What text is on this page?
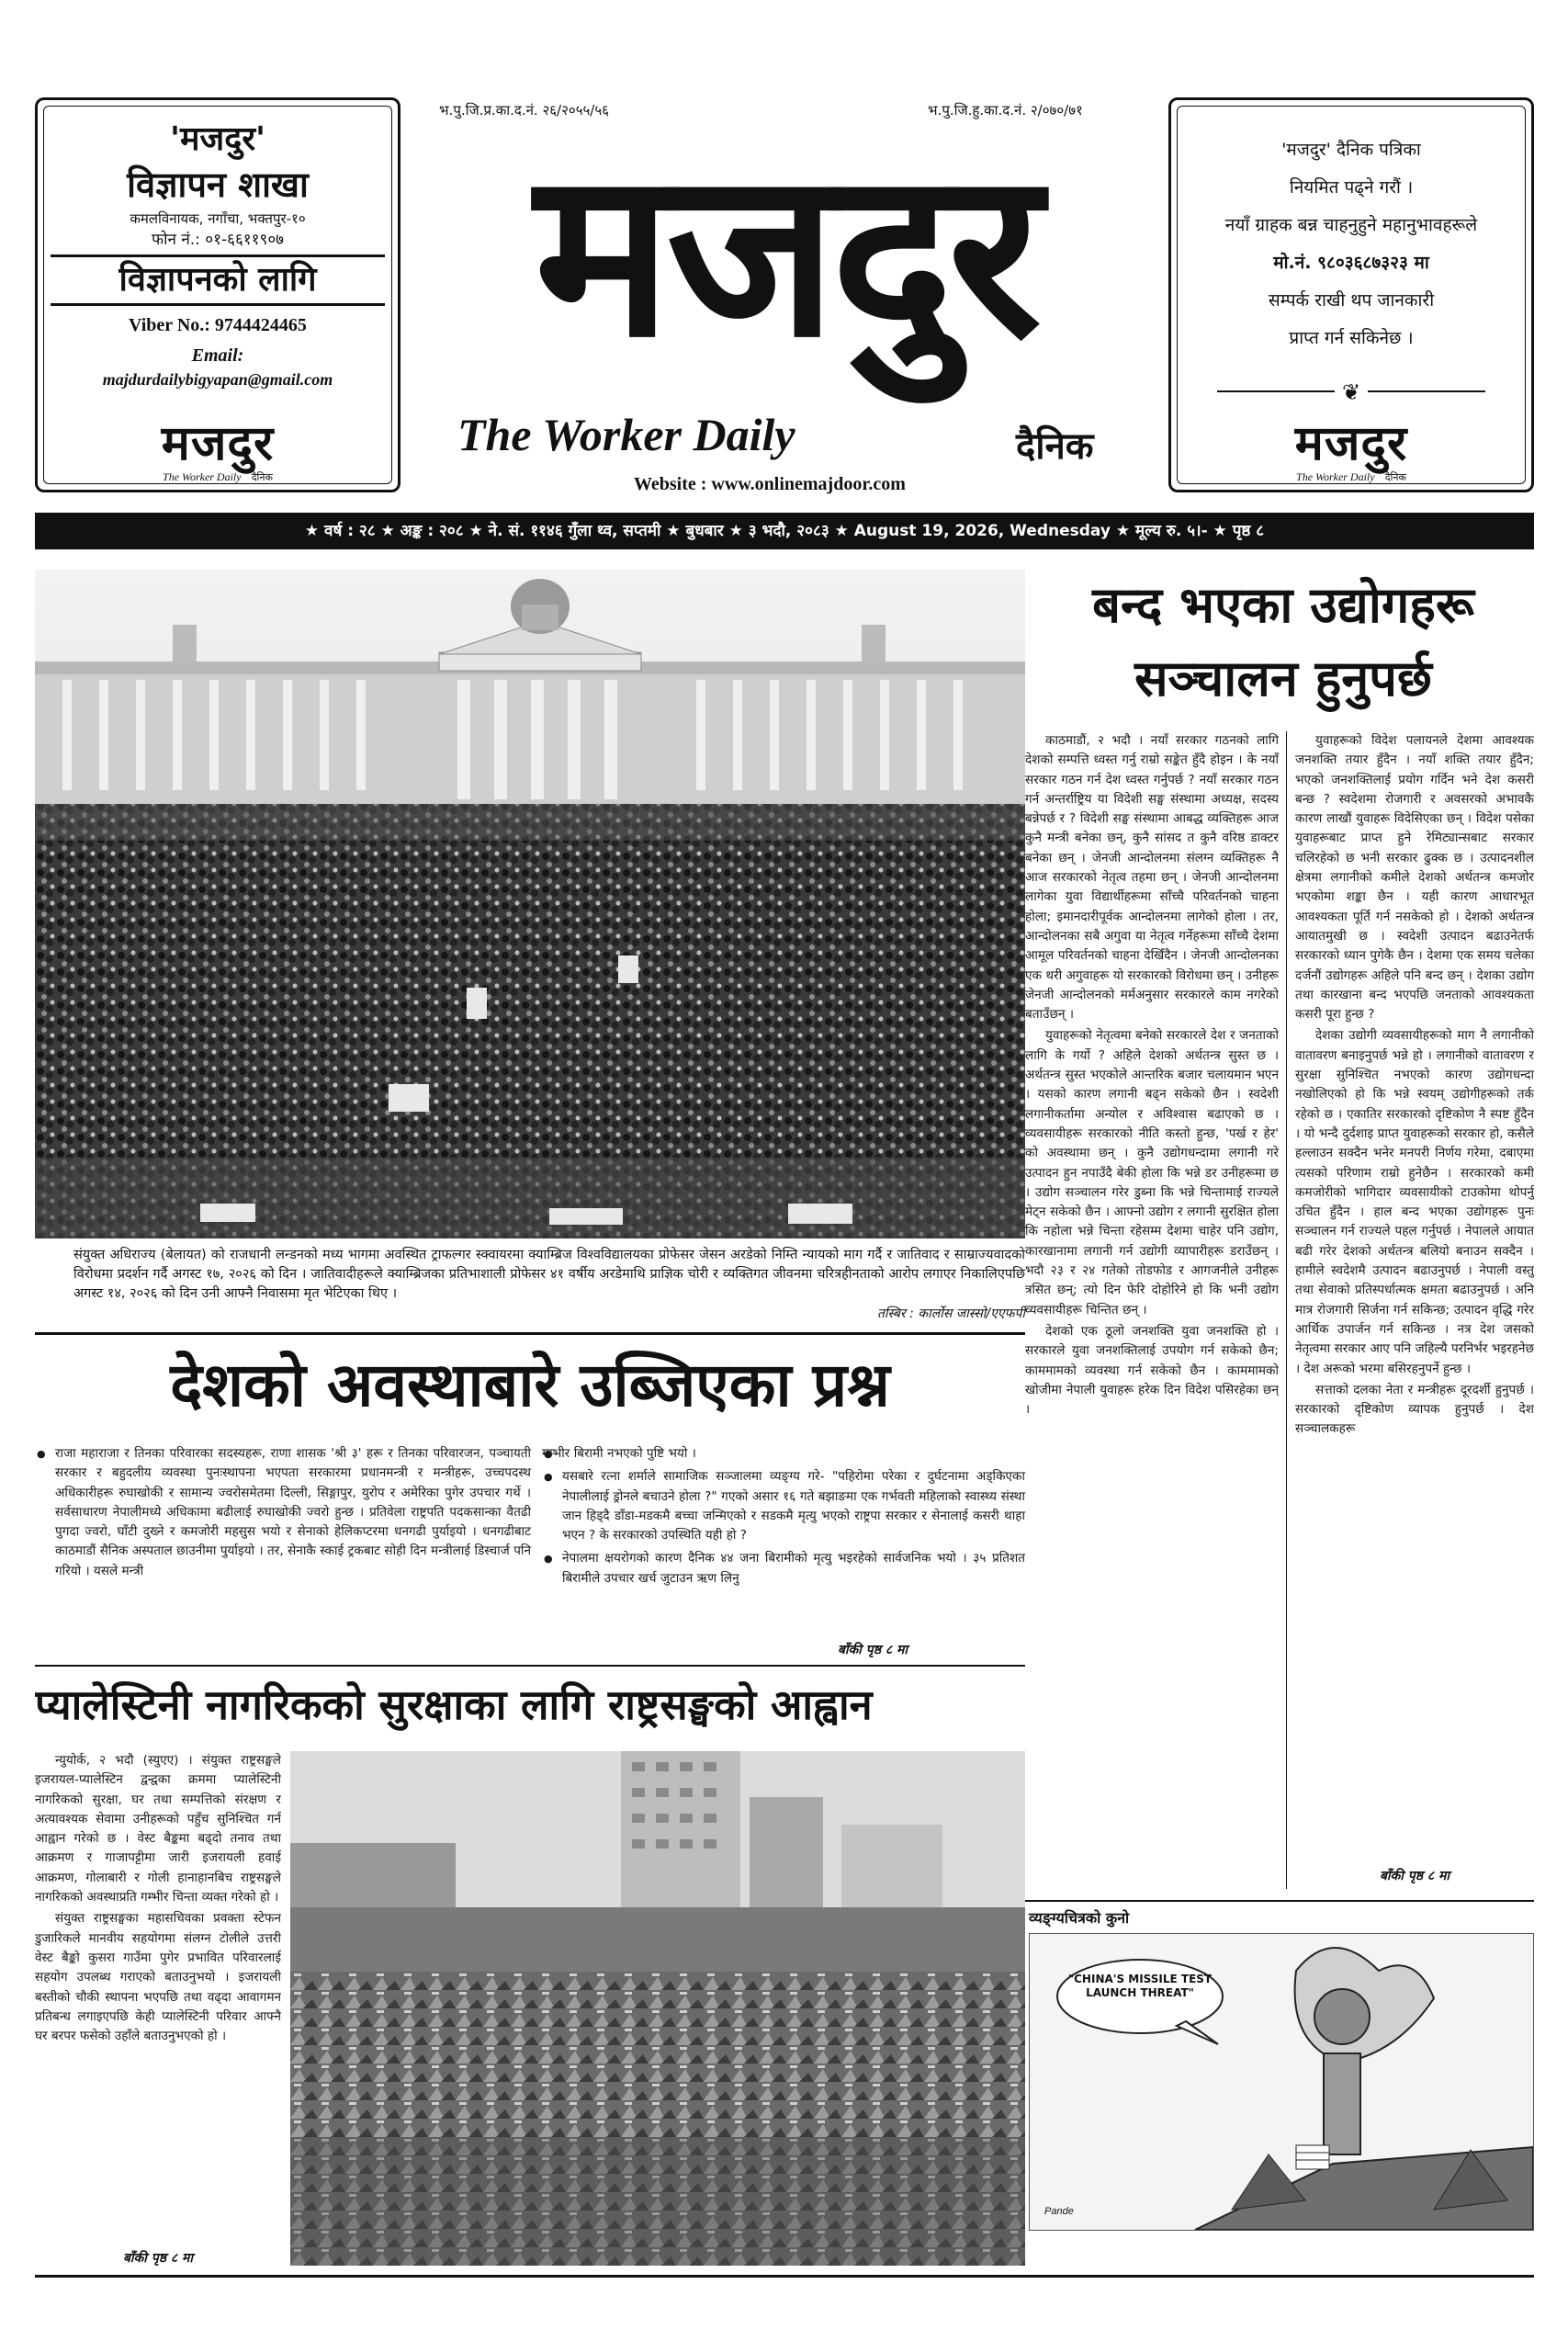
'मजदुर'
विज्ञापन शाखा
कमलविनायक, नगाँचा, भक्तपुर-१०
फोन नं.: ०१-६६११९०७
विज्ञापनको लागि
Viber No.: 9744424465
Email:
majdurdailybigyapan@gmail.com
मजदुर
The Worker Daily दैनिक
भ.पु.जि.प्र.का.द.नं. २६/२०५५/५६	भ.पु.जि.हु.का.द.नं. २/०७०/७१
मजदुर
The Worker Daily	दैनिक
Website : www.onlinemajdoor.com
'मजदुर' दैनिक पत्रिका
नियमित पढ्ने गरौं ।
नयाँ ग्राहक बन्न चाहनुहुने महानुभावहरूले
मो.नं. ९८०३६८७३२३ मा
सम्पर्क राखी थप जानकारी
प्राप्त गर्न सकिनेछ ।
❦
मजदुर
The Worker Daily दैनिक
★ वर्ष : २८ ★ अङ्क : २०८ ★ ने. सं. ११४६ गुँला थ्व, सप्तमी ★ बुधबार ★ ३ भदौ, २०८३ ★ August 19, 2026, Wednesday ★ मूल्य रु. ५।- ★ पृष्ठ ८
संयुक्त अधिराज्य (बेलायत) को राजधानी लन्डनको मध्य भागमा अवस्थित ट्राफल्गर स्क्वायरमा क्याम्ब्रिज विश्वविद्यालयका प्रोफेसर जेसन अरडेको निम्ति न्यायको माग गर्दै र जातिवाद र साम्राज्यवादको विरोधमा प्रदर्शन गर्दै अगस्ट १७, २०२६ को दिन । जातिवादीहरूले क्याम्ब्रिजका प्रतिभाशाली प्रोफेसर ४१ वर्षीय अरडेमाथि प्राज्ञिक चोरी र व्यक्तिगत जीवनमा चरित्रहीनताको आरोप लगाएर निकालिएपछि अगस्ट १४, २०२६ को दिन उनी आफ्नै निवासमा मृत भेटिएका थिए ।
तस्बिर : कार्लोस जास्सो/एएफपी
बन्द भएका उद्योगहरू
सञ्चालन हुनुपर्छ

काठमाडौं, २ भदौ । नयाँ सरकार गठनको लागि देशको सम्पत्ति ध्वस्त गर्नु राम्रो सङ्केत हुँदै होइन । के नयाँ सरकार गठन गर्न देश ध्वस्त गर्नुपर्छ ? नयाँ सरकार गठन गर्न अन्तर्राष्ट्रिय या विदेशी सङ्घ संस्थामा अध्यक्ष, सदस्य बन्नेपर्छ र ? विदेशी सङ्घ संस्थामा आबद्ध व्यक्तिहरू आज कुनै मन्त्री बनेका छन्, कुनै सांसद त कुनै वरिष्ठ डाक्टर बनेका छन् । जेनजी आन्दोलनमा संलग्न व्यक्तिहरू नै आज सरकारको नेतृत्व तहमा छन् । जेनजी आन्दोलनमा लागेका युवा विद्यार्थीहरूमा साँच्चै परिवर्तनको चाहना होला; इमानदारीपूर्वक आन्दोलनमा लागेको होला । तर, आन्दोलनका सबै अगुवा या नेतृत्व गर्नेहरूमा साँच्चै देशमा आमूल परिवर्तनको चाहना देखिँदैन । जेनजी आन्दोलनका एक थरी अगुवाहरू यो सरकारको विरोधमा छन् । उनीहरू जेनजी आन्दोलनको मर्मअनुसार सरकारले काम नगरेको बताउँछन् ।

युवाहरूको नेतृत्वमा बनेको सरकारले देश र जनताको लागि के गर्यो ? अहिले देशको अर्थतन्त्र सुस्त छ । अर्थतन्त्र सुस्त भएकोले आन्तरिक बजार चलायमान भएन । यसको कारण लगानी बढ्न सकेको छैन । स्वदेशी लगानीकर्तामा अन्योल र अविश्वास बढाएको छ । व्यवसायीहरू सरकारको नीति कस्तो हुन्छ, 'पर्ख र हेर' को अवस्थामा छन् । कुनै उद्योगधन्दामा लगानी गरे उत्पादन हुन नपाउँदै बेकी होला कि भन्ने डर उनीहरूमा छ । उद्योग सञ्चालन गरेर डुब्ना कि भन्ने चिन्तामाई राज्यले मेट्न सकेको छैन । आफ्नो उद्योग र लगानी सुरक्षित होला कि नहोला भन्ने चिन्ता रहेसम्म देशमा चाहेर पनि उद्योग, कारखानामा लगानी गर्न उद्योगी व्यापारीहरू डराउँछन् । भदौ २३ र २४ गतेको तोडफोड र आगजनीले उनीहरू त्रसित छन्; त्यो दिन फेरि दोहोरिने हो कि भनी उद्योग व्यवसायीहरू चिन्तित छन् ।

देशको एक ठूलो जनशक्ति युवा जनशक्ति हो । सरकारले युवा जनशक्तिलाई उपयोग गर्न सकेको छैन; काममामको व्यवस्था गर्न सकेको छैन । काममामको खोजीमा नेपाली युवाहरू हरेक दिन विदेश पसिरहेका छन् ।

युवाहरूको विदेश पलायनले देशमा आवश्यक जनशक्ति तयार हुँदैन । नयाँ शक्ति तयार हुँदैन; भएको जनशक्तिलाई प्रयोग गर्दिन भने देश कसरी बन्छ ? स्वदेशमा रोजगारी र अवसरको अभावकै कारण लाखौं युवाहरू विदेसिएका छन् । विदेश पसेका युवाहरूबाट प्राप्त हुने रेमिट्यान्सबाट सरकार चलिरहेको छ भनी सरकार ढुक्क छ । उत्पादनशील क्षेत्रमा लगानीको कमीले देशको अर्थतन्त्र कमजोर भएकोमा शङ्का छैन । यही कारण आधारभूत आवश्यकता पूर्ति गर्न नसकेको हो । देशको अर्थतन्त्र आयातमुखी छ । स्वदेशी उत्पादन बढाउनेतर्फ सरकारको ध्यान पुगेकै छैन । देशमा एक समय चलेका दर्जनौं उद्योगहरू अहिले पनि बन्द छन् । देशका उद्योग तथा कारखाना बन्द भएपछि जनताको आवश्यकता कसरी पूरा हुन्छ ?

देशका उद्योगी व्यवसायीहरूको माग नै लगानीको वातावरण बनाइनुपर्छ भन्ने हो । लगानीको वातावरण र सुरक्षा सुनिश्चित नभएको कारण उद्योगधन्दा नखोलिएको हो कि भन्ने स्वयम् उद्योगीहरूको तर्क रहेको छ । एकातिर सरकारको दृष्टिकोण नै स्पष्ट हुँदैन । यो भन्दै दुर्दशाइ प्राप्त युवाहरूको सरकार हो, कसैले हल्लाउन सक्दैन भनेर मनपरी निर्णय गरेमा, दबाएमा त्यसको परिणाम राम्रो हुनेछैन । सरकारको कमी कमजोरीको भागिदार व्यवसायीको टाउकोमा थोपर्नु उचित हुँदैन । हाल बन्द भएका उद्योगहरू पुनः सञ्चालन गर्न राज्यले पहल गर्नुपर्छ । नेपालले आयात बढी गरेर देशको अर्थतन्त्र बलियो बनाउन सक्दैन । हामीले स्वदेशमै उत्पादन बढाउनुपर्छ । नेपाली वस्तु तथा सेवाको प्रतिस्पर्धात्मक क्षमता बढाउनुपर्छ । अनि मात्र रोजगारी सिर्जना गर्न सकिन्छ; उत्पादन वृद्धि गरेर आर्थिक उपार्जन गर्न सकिन्छ । नत्र देश जसको नेतृत्वमा सरकार आए पनि जहिल्यै परनिर्भर भइरहनेछ । देश अरूको भरमा बसिरहनुपर्ने हुन्छ ।

सत्ताको दलका नेता र मन्त्रीहरू दूरदर्शी हुनुपर्छ । सरकारको दृष्टिकोण व्यापक हुनुपर्छ । देश सञ्चालकहरू

बाँकी पृष्ठ ८ मा
व्यङ्ग्यचित्रको कुनो
"CHINA'S MISSILE TEST LAUNCH THREAT"
Pande
देशको अवस्थाबारे उब्जिएका प्रश्न
● राजा महाराजा र तिनका परिवारका सदस्यहरू, राणा शासक 'श्री ३' हरू र तिनका परिवारजन, पञ्चायती सरकार र बहुदलीय व्यवस्था पुनःस्थापना भएपता सरकारमा प्रधानमन्त्री र मन्त्रीहरू, उच्चपदस्थ अधिकारीहरू रुघाखोकी र सामान्य ज्वरोसमेतमा दिल्ली, सिङ्गापुर, युरोप र अमेरिका पुगेर उपचार गर्थे । सर्वसाधारण नेपालीमध्ये अधिकामा बढीलाई रुघाखोकी ज्वरो हुन्छ । प्रतिवेला राष्ट्रपति पदकसान्का वैतढी पुगदा ज्वरो, घाँटी दुख्ने र कमजोरी महसुस भयो र सेनाको हेलिकप्टरमा धनगढी पुर्याइयो । धनगढीबाट काठमाडौं सैनिक अस्पताल छाउनीमा पुर्याइयो । तर, सेनाकै स्काई ट्रकबाट सोही दिन मन्त्रीलाई डिस्चार्ज पनि गरियो । यसले मन्त्री
● गम्भीर बिरामी नभएको पुष्टि भयो ।
● यसबारे रत्ना शर्माले सामाजिक सञ्जालमा व्यङ्ग्य गरे- "पहिरोमा परेका र दुर्घटनामा अड्किएका नेपालीलाई ड्रोनले बचाउने होला ?" गएको असार १६ गते बझाङमा एक गर्भवती महिलाको स्वास्थ्य संस्था जान हिड्दै डाँडा-मडकमै बच्चा जन्मिएको र सडकमै मृत्यु भएको राष्ट्रपा सरकार र सेनालाई कसरी थाहा भएन ? के सरकारको उपस्थिति यही हो ?
● नेपालमा क्षयरोगको कारण दैनिक ४४ जना बिरामीको मृत्यु भइरहेको सार्वजनिक भयो । ३५ प्रतिशत बिरामीले उपचार खर्च जुटाउन ऋण लिनु
बाँकी पृष्ठ ८ मा
प्यालेस्टिनी नागरिकको सुरक्षाका लागि राष्ट्रसङ्घको आह्वान

न्युयोर्क, २ भदौ (स्युएए) । संयुक्त राष्ट्रसङ्घले इजरायल-प्यालेस्टिन द्वन्द्वका क्रममा प्यालेस्टिनी नागरिकको सुरक्षा, घर तथा सम्पत्तिको संरक्षण र अत्यावश्यक सेवामा उनीहरूको पहुँच सुनिश्चित गर्न आह्वान गरेको छ । वेस्ट बैङ्कमा बढ्दो तनाव तथा आक्रमण र गाजापट्टीमा जारी इजरायली हवाई आक्रमण, गोलाबारी र गोली हानाहानबिच राष्ट्रसङ्घले नागरिकको अवस्थाप्रति गम्भीर चिन्ता व्यक्त गरेको हो ।

संयुक्त राष्ट्रसङ्घका महासचिवका प्रवक्ता स्टेफन डुजारिकले मानवीय सहयोगमा संलग्न टोलीले उत्तरी वेस्ट बैङ्को कुसरा गाउँमा पुगेर प्रभावित परिवारलाई सहयोग उपलब्ध गराएको बताउनुभयो । इजरायली बस्तीको चौकी स्थापना भएपछि तथा वढ्दा आवागमन प्रतिबन्ध लगाइएपछि केही प्यालेस्टिनी परिवार आफ्नै घर बरपर फसेको उहाँले बताउनुभएको हो ।

बाँकी पृष्ठ ८ मा
